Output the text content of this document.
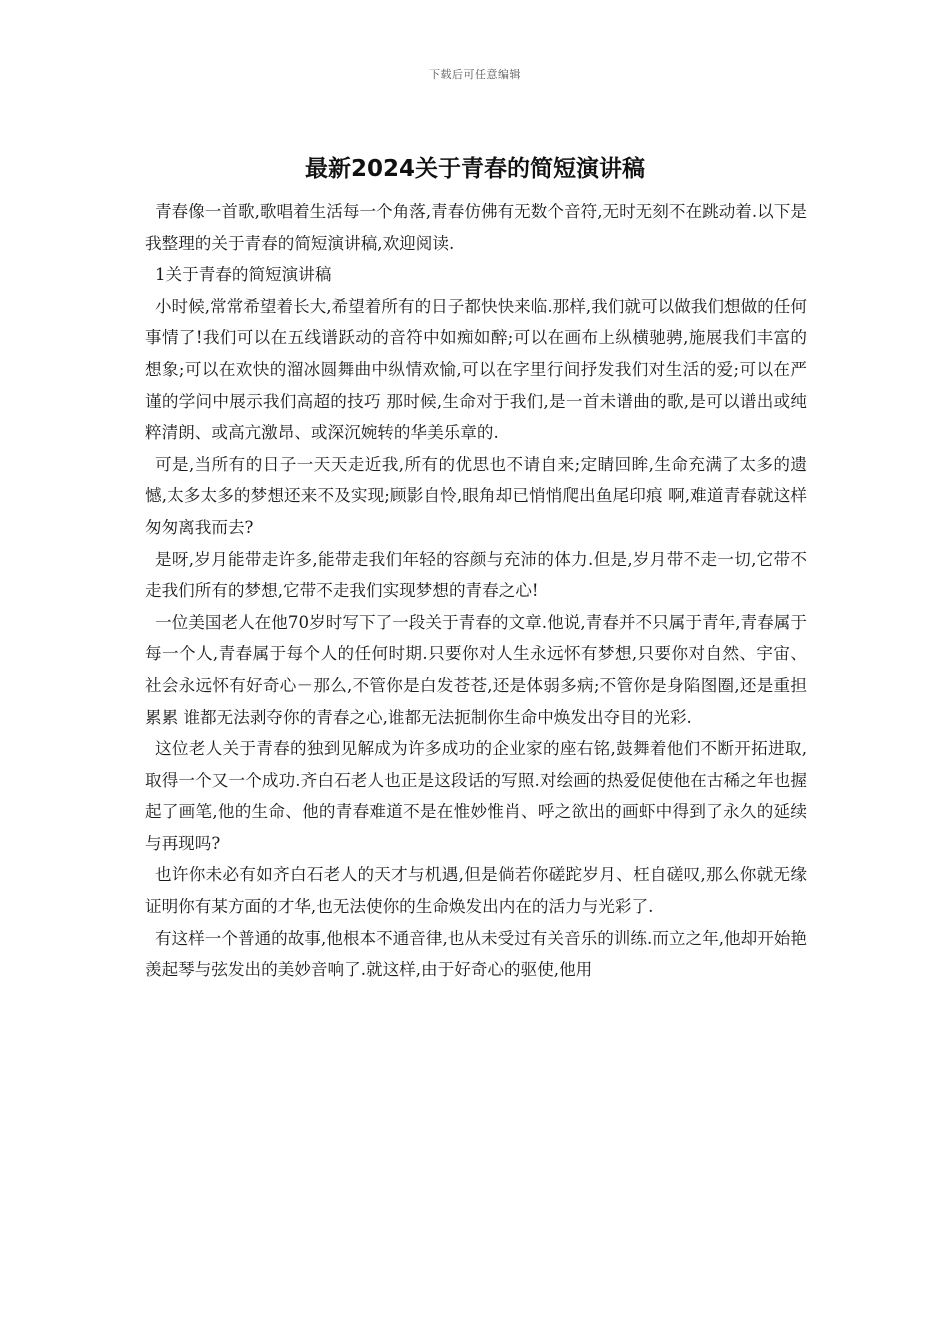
下载后可任意编辑
最新2024关于青春的简短演讲稿

青春像一首歌,歌唱着生活每一个角落,青春仿佛有无数个音符,无时无刻不在跳动着.以下是我整理的关于青春的简短演讲稿,欢迎阅读.

1关于青春的简短演讲稿

小时候,常常希望着长大,希望着所有的日子都快快来临.那样,我们就可以做我们想做的任何事情了!我们可以在五线谱跃动的音符中如痴如醉;可以在画布上纵横驰骋,施展我们丰富的想象;可以在欢快的溜冰圆舞曲中纵情欢愉,可以在字里行间抒发我们对生活的爱;可以在严谨的学问中展示我们高超的技巧 那时候,生命对于我们,是一首未谱曲的歌,是可以谱出或纯粹清朗、或高亢激昂、或深沉婉转的华美乐章的.

可是,当所有的日子一天天走近我,所有的优思也不请自来;定睛回眸,生命充满了太多的遗憾,太多太多的梦想还来不及实现;顾影自怜,眼角却已悄悄爬出鱼尾印痕 啊,难道青春就这样匆匆离我而去?

是呀,岁月能带走许多,能带走我们年轻的容颜与充沛的体力.但是,岁月带不走一切,它带不走我们所有的梦想,它带不走我们实现梦想的青春之心!

一位美国老人在他70岁时写下了一段关于青春的文章.他说,青春并不只属于青年,青春属于每一个人,青春属于每个人的任何时期.只要你对人生永远怀有梦想,只要你对自然、宇宙、社会永远怀有好奇心－那么,不管你是白发苍苍,还是体弱多病;不管你是身陷图圈,还是重担累累 谁都无法剥夺你的青春之心,谁都无法扼制你生命中焕发出夺目的光彩.

这位老人关于青春的独到见解成为许多成功的企业家的座右铭,鼓舞着他们不断开拓进取,取得一个又一个成功.齐白石老人也正是这段话的写照.对绘画的热爱促使他在古稀之年也握起了画笔,他的生命、他的青春难道不是在惟妙惟肖、呼之欲出的画虾中得到了永久的延续与再现吗?

也许你未必有如齐白石老人的天才与机遇,但是倘若你磋跎岁月、枉自磋叹,那么你就无缘证明你有某方面的才华,也无法使你的生命焕发出内在的活力与光彩了.

有这样一个普通的故事,他根本不通音律,也从未受过有关音乐的训练.而立之年,他却开始艳羡起琴与弦发出的美妙音响了.就这样,由于好奇心的驱使,他用
